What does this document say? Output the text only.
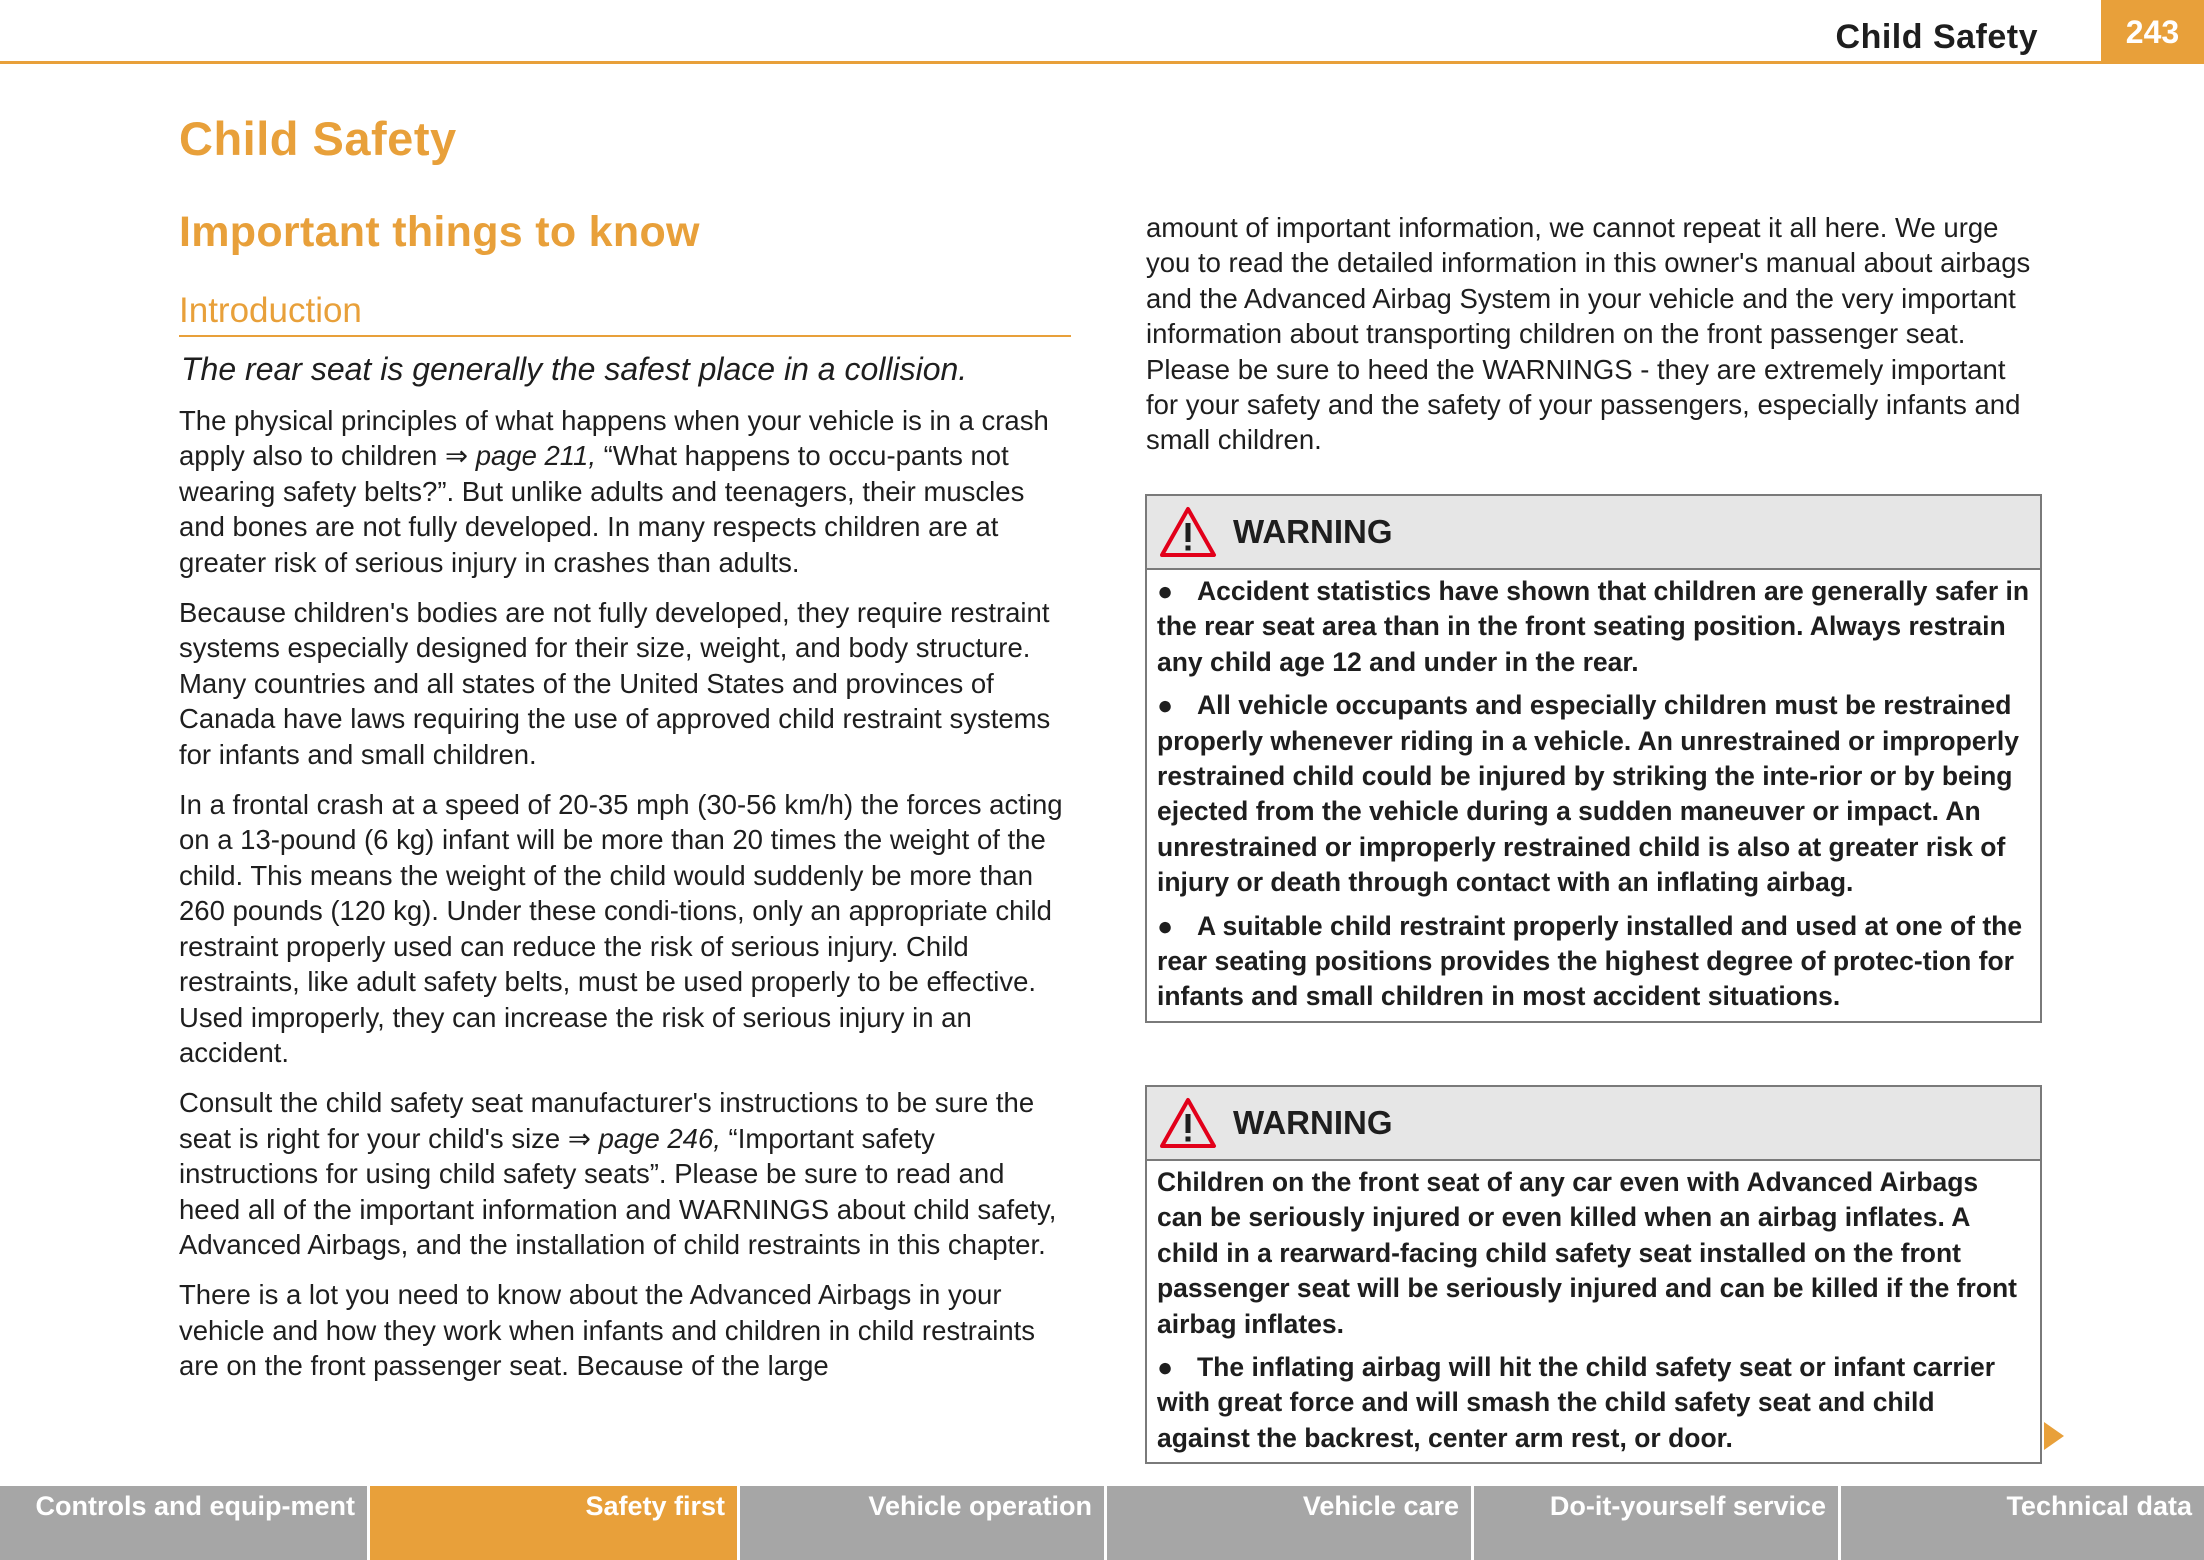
Child Safety	243
Child Safety
Important things to know
Introduction
The rear seat is generally the safest place in a collision.

The physical principles of what happens when your vehicle is in a crash apply also to children ⇒ page 211, “What happens to occu-pants not wearing safety belts?”. But unlike adults and teenagers, their muscles and bones are not fully developed. In many respects children are at greater risk of serious injury in crashes than adults.

Because children's bodies are not fully developed, they require restraint systems especially designed for their size, weight, and body structure. Many countries and all states of the United States and provinces of Canada have laws requiring the use of approved child restraint systems for infants and small children.

In a frontal crash at a speed of 20-35 mph (30-56 km/h) the forces acting on a 13-pound (6 kg) infant will be more than 20 times the weight of the child. This means the weight of the child would suddenly be more than 260 pounds (120 kg). Under these condi-tions, only an appropriate child restraint properly used can reduce the risk of serious injury. Child restraints, like adult safety belts, must be used properly to be effective. Used improperly, they can increase the risk of serious injury in an accident.

Consult the child safety seat manufacturer's instructions to be sure the seat is right for your child's size ⇒ page 246, “Important safety instructions for using child safety seats”. Please be sure to read and heed all of the important information and WARNINGS about child safety, Advanced Airbags, and the installation of child restraints in this chapter.

There is a lot you need to know about the Advanced Airbags in your vehicle and how they work when infants and children in child restraints are on the front passenger seat. Because of the large

amount of important information, we cannot repeat it all here. We urge you to read the detailed information in this owner's manual about airbags and the Advanced Airbag System in your vehicle and the very important information about transporting children on the front passenger seat. Please be sure to heed the WARNINGS - they are extremely important for your safety and the safety of your passengers, especially infants and small children.

WARNING

● Accident statistics have shown that children are generally safer in the rear seat area than in the front seating position. Always restrain any child age 12 and under in the rear.

● All vehicle occupants and especially children must be restrained properly whenever riding in a vehicle. An unrestrained or improperly restrained child could be injured by striking the inte-rior or by being ejected from the vehicle during a sudden maneuver or impact. An unrestrained or improperly restrained child is also at greater risk of injury or death through contact with an inflating airbag.

● A suitable child restraint properly installed and used at one of the rear seating positions provides the highest degree of protec-tion for infants and small children in most accident situations.

WARNING

Children on the front seat of any car even with Advanced Airbags can be seriously injured or even killed when an airbag inflates. A child in a rearward-facing child safety seat installed on the front passenger seat will be seriously injured and can be killed if the front airbag inflates.

● The inflating airbag will hit the child safety seat or infant carrier with great force and will smash the child safety seat and child against the backrest, center arm rest, or door.

Controls and equip-ment	Safety first	Vehicle operation	Vehicle care	Do-it-yourself service	Technical data
